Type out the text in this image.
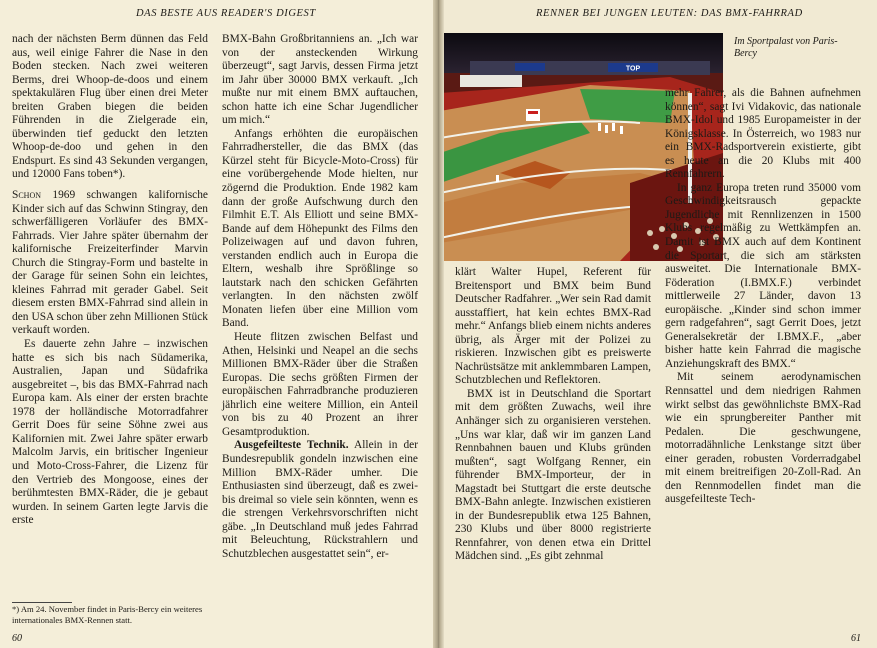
DAS BESTE AUS READER'S DIGEST

nach der nächsten Berm dünnen das Feld aus, weil einige Fahrer die Nase in den Boden stecken. Nach zwei weiteren Berms, drei Whoop-de-doos und einem spektakulären Flug über einen drei Meter breiten Graben biegen die beiden Führenden in die Zielgerade ein, überwinden tief geduckt den letzten Whoop-de-doo und gehen in den Endspurt. Es sind 43 Sekunden vergangen, und 12000 Fans toben*).

Schon 1969 schwangen kalifornische Kinder sich auf das Schwinn Stingray, den schwerfälligeren Vorläufer des BMX-Fahrrads. Vier Jahre später übernahm der kalifornische Freizeiterfinder Marvin Church die Stingray-Form und bastelte in der Garage für seinen Sohn ein leichtes, kleines Fahrrad mit gerader Gabel. Seit diesem ersten BMX-Fahrrad sind allein in den USA schon über zehn Millionen Stück verkauft worden.

Es dauerte zehn Jahre – inzwischen hatte es sich bis nach Südamerika, Australien, Japan und Südafrika ausgebreitet –, bis das BMX-Fahrrad nach Europa kam. Als einer der ersten brachte 1978 der holländische Motorradfahrer Gerrit Does für seine Söhne zwei aus Kalifornien mit. Zwei Jahre später erwarb Malcolm Jarvis, ein britischer Ingenieur und Moto-Cross-Fahrer, die Lizenz für den Vertrieb des Mongoose, eines der berühmtesten BMX-Räder, die je gebaut wurden. In seinem Garten legte Jarvis die erste

*) Am 24. November findet in Paris-Bercy ein weiteres internationales BMX-Rennen statt.

BMX-Bahn Großbritanniens an. „Ich war von der ansteckenden Wirkung überzeugt“, sagt Jarvis, dessen Firma jetzt im Jahr über 30000 BMX verkauft. „Ich mußte nur mit einem BMX auftauchen, schon hatte ich eine Schar Jugendlicher um mich.“

Anfangs erhöhten die europäischen Fahrradhersteller, die das BMX (das Kürzel steht für Bicycle-Moto-Cross) für eine vorübergehende Mode hielten, nur zögernd die Produktion. Ende 1982 kam dann der große Aufschwung durch den Filmhit E.T. Als Elliott und seine BMX-Bande auf dem Höhepunkt des Films den Polizeiwagen auf und davon fuhren, verstanden endlich auch in Europa die Eltern, weshalb ihre Sprößlinge so lautstark nach den schicken Gefährten verlangten. In den nächsten zwölf Monaten liefen über eine Million vom Band.

Heute flitzen zwischen Belfast und Athen, Helsinki und Neapel an die sechs Millionen BMX-Räder über die Straßen Europas. Die sechs größten Firmen der europäischen Fahrradbranche produzieren jährlich eine weitere Million, ein Anteil von bis zu 40 Prozent an ihrer Gesamtproduktion.

Ausgefeilteste Technik. Allein in der Bundesrepublik gondeln inzwischen eine Million BMX-Räder umher. Die Enthusiasten sind überzeugt, daß es zwei- bis dreimal so viele sein könnten, wenn es die strengen Verkehrsvorschriften nicht gäbe. „In Deutschland muß jedes Fahrrad mit Beleuchtung, Rückstrahlern und Schutzblechen ausgestattet sein“, er-

60
RENNER BEI JUNGEN LEUTEN: DAS BMX-FAHRRAD
TOP
Im Sportpalast von Paris-Bercy

klärt Walter Hupel, Referent für Breitensport und BMX beim Bund Deutscher Radfahrer. „Wer sein Rad damit ausstaffiert, hat kein echtes BMX-Rad mehr.“ Anfangs blieb einem nichts anderes übrig, als Ärger mit der Polizei zu riskieren. Inzwischen gibt es preiswerte Nachrüstsätze mit anklemmbaren Lampen, Schutzblechen und Reflektoren.

BMX ist in Deutschland die Sportart mit dem größten Zuwachs, weil ihre Anhänger sich zu organisieren verstehen. „Uns war klar, daß wir im ganzen Land Rennbahnen bauen und Klubs gründen mußten“, sagt Wolfgang Renner, ein führender BMX-Importeur, der in Magstadt bei Stuttgart die erste deutsche BMX-Bahn anlegte. Inzwischen existieren in der Bundesrepublik etwa 125 Bahnen, 230 Klubs und über 8000 registrierte Rennfahrer, von denen etwa ein Drittel Mädchen sind. „Es gibt zehnmal

mehr Fahrer, als die Bahnen aufnehmen können“, sagt Ivi Vidakovic, das nationale BMX-Idol und 1985 Europameister in der Königsklasse. In Österreich, wo 1983 nur ein BMX-Radsportverein existierte, gibt es heute an die 20 Klubs mit 400 Rennfahrern.

In ganz Europa treten rund 35000 vom Geschwindigkeitsrausch gepackte Jugendliche mit Rennlizenzen in 1500 Klubs regelmäßig zu Wettkämpfen an. Damit ist BMX auch auf dem Kontinent die Sportart, die sich am stärksten ausweitet. Die Internationale BMX-Föderation (I.BMX.F.) verbindet mittlerweile 27 Länder, davon 13 europäische. „Kinder sind schon immer gern radgefahren“, sagt Gerrit Does, jetzt Generalsekretär der I.BMX.F., „aber bisher hatte kein Fahrrad die magische Anziehungskraft des BMX.“

Mit seinem aerodynamischen Rennsattel und dem niedrigen Rahmen wirkt selbst das gewöhnlichste BMX-Rad wie ein sprungbereiter Panther mit Pedalen. Die geschwungene, motorradähnliche Lenkstange sitzt über einer geraden, robusten Vorderradgabel mit einem breitreifigen 20-Zoll-Rad. An den Rennmodellen findet man die ausgefeilteste Tech-

61
